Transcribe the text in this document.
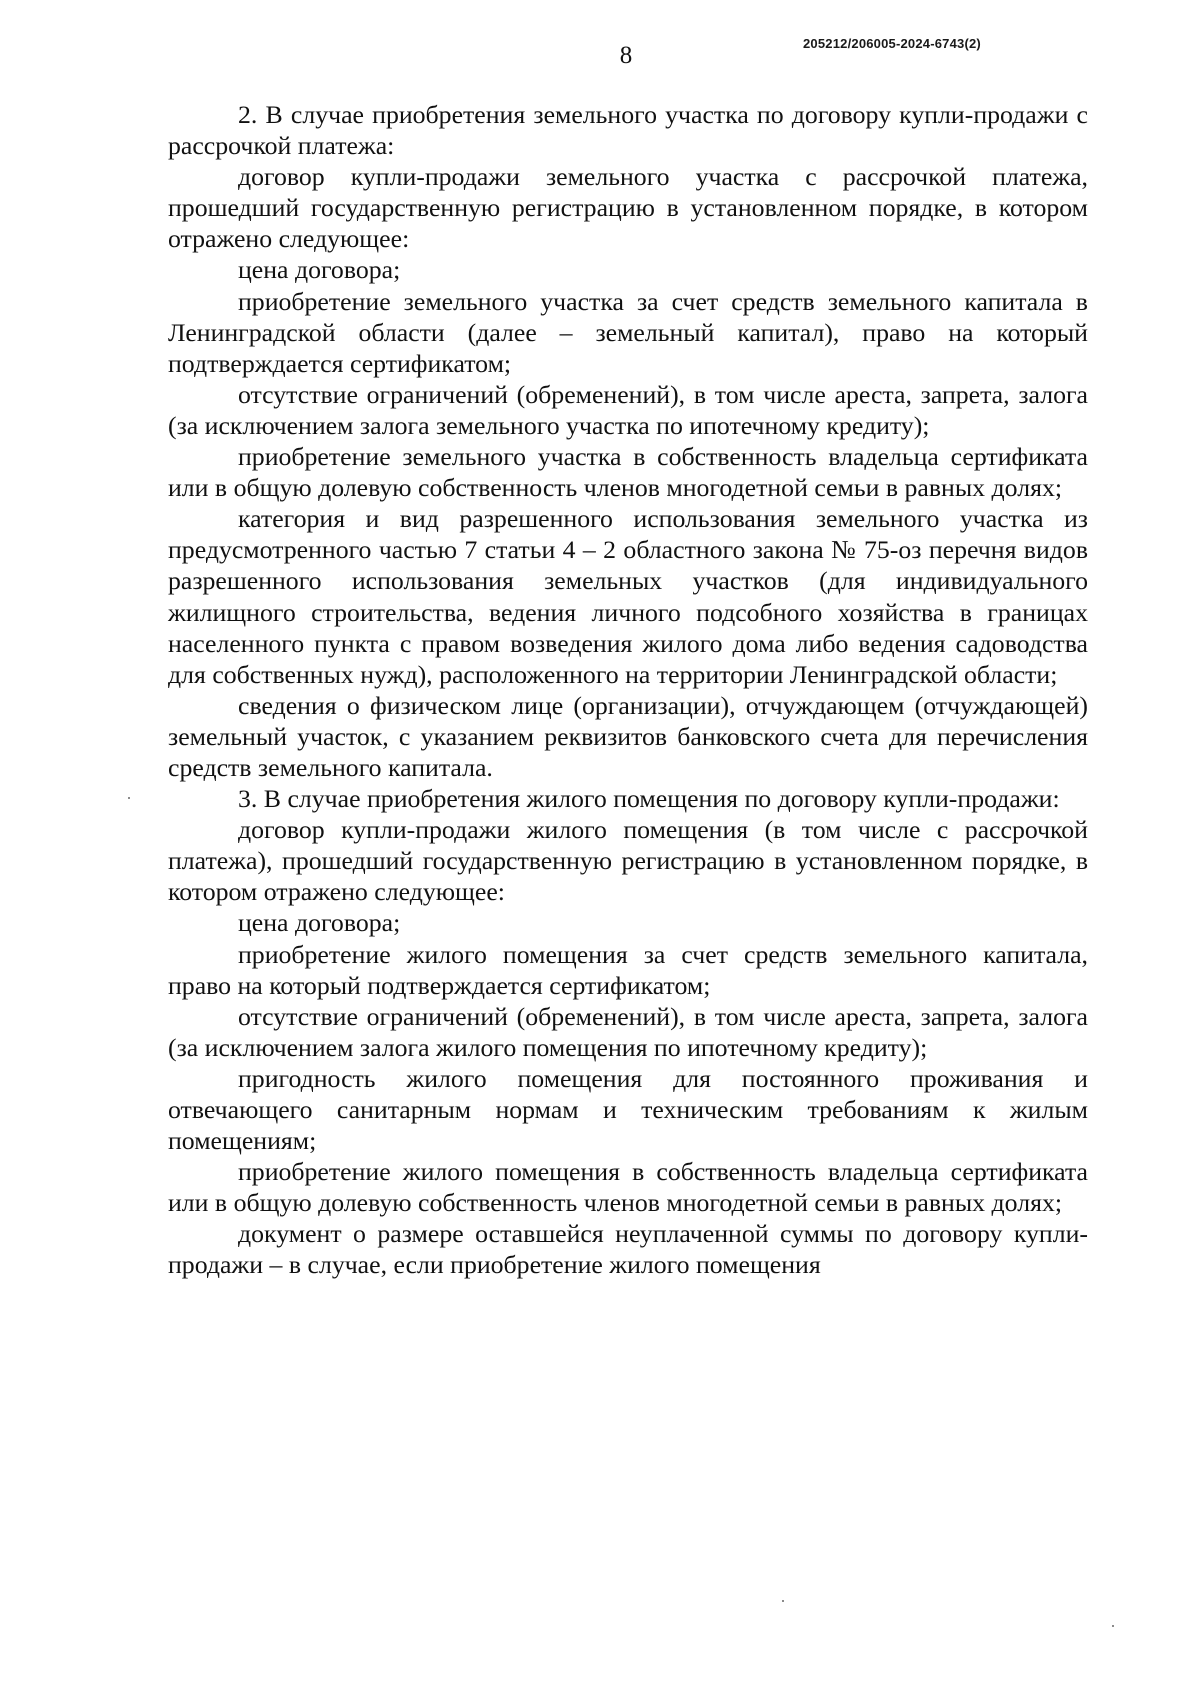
205212/206005-2024-6743(2)
8

2. В случае приобретения земельного участка по договору купли-продажи с рассрочкой платежа:

договор купли-продажи земельного участка с рассрочкой платежа, прошедший государственную регистрацию в установленном порядке, в котором отражено следующее:

цена договора;

приобретение земельного участка за счет средств земельного капитала в Ленинградской области (далее – земельный капитал), право на который подтверждается сертификатом;

отсутствие ограничений (обременений), в том числе ареста, запрета, залога (за исключением залога земельного участка по ипотечному кредиту);

приобретение земельного участка в собственность владельца сертификата или в общую долевую собственность членов многодетной семьи в равных долях;

категория и вид разрешенного использования земельного участка из предусмотренного частью 7 статьи 4 – 2 областного закона № 75-оз перечня видов разрешенного использования земельных участков (для индивидуального жилищного строительства, ведения личного подсобного хозяйства в границах населенного пункта с правом возведения жилого дома либо ведения садоводства для собственных нужд), расположенного на территории Ленинградской области;

сведения о физическом лице (организации), отчуждающем (отчуждающей) земельный участок, с указанием реквизитов банковского счета для перечисления средств земельного капитала.

3. В случае приобретения жилого помещения по договору купли-продажи:

договор купли-продажи жилого помещения (в том числе с рассрочкой платежа), прошедший государственную регистрацию в установленном порядке, в котором отражено следующее:

цена договора;

приобретение жилого помещения за счет средств земельного капитала, право на который подтверждается сертификатом;

отсутствие ограничений (обременений), в том числе ареста, запрета, залога (за исключением залога жилого помещения по ипотечному кредиту);

пригодность жилого помещения для постоянного проживания и отвечающего санитарным нормам и техническим требованиям к жилым помещениям;

приобретение жилого помещения в собственность владельца сертификата или в общую долевую собственность членов многодетной семьи в равных долях;

документ о размере оставшейся неуплаченной суммы по договору купли-продажи – в случае, если приобретение жилого помещения
